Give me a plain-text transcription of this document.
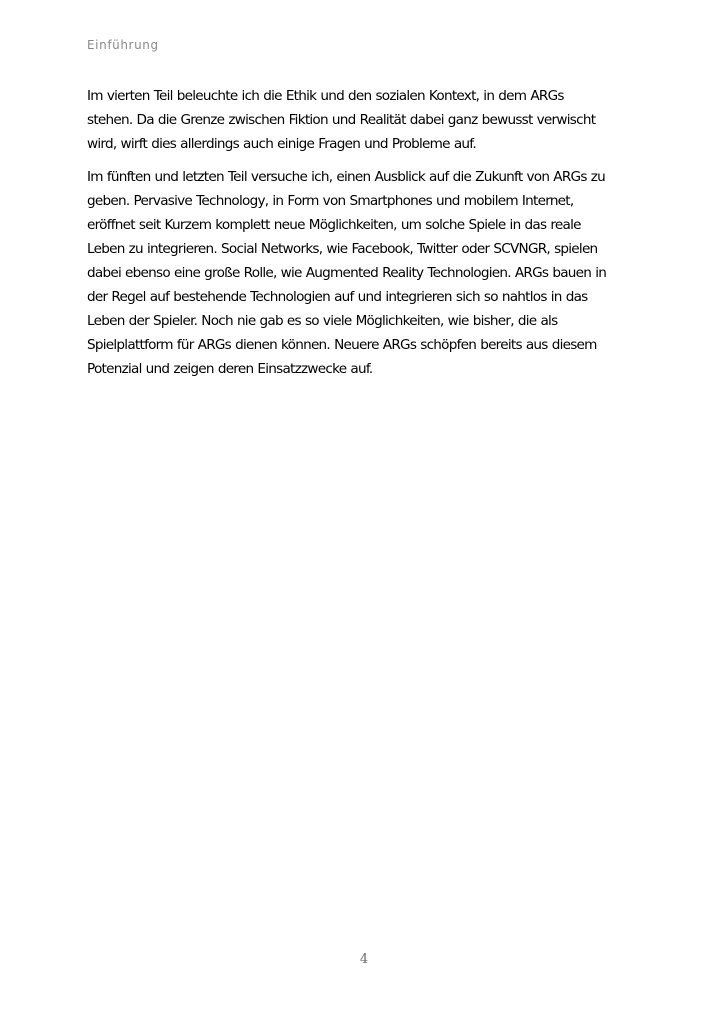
Einführung
Im vierten Teil beleuchte ich die Ethik und den sozialen Kontext, in dem ARGs
stehen. Da die Grenze zwischen Fiktion und Realität dabei ganz bewusst verwischt
wird, wirft dies allerdings auch einige Fragen und Probleme auf.
Im fünften und letzten Teil versuche ich, einen Ausblick auf die Zukunft von ARGs zu
geben. Pervasive Technology, in Form von Smartphones und mobilem Internet,
eröffnet seit Kurzem komplett neue Möglichkeiten, um solche Spiele in das reale
Leben zu integrieren. Social Networks, wie Facebook, Twitter oder SCVNGR, spielen
dabei ebenso eine große Rolle, wie Augmented Reality Technologien. ARGs bauen in
der Regel auf bestehende Technologien auf und integrieren sich so nahtlos in das
Leben der Spieler. Noch nie gab es so viele Möglichkeiten, wie bisher, die als
Spielplattform für ARGs dienen können. Neuere ARGs schöpfen bereits aus diesem
Potenzial und zeigen deren Einsatzzwecke auf.
4
